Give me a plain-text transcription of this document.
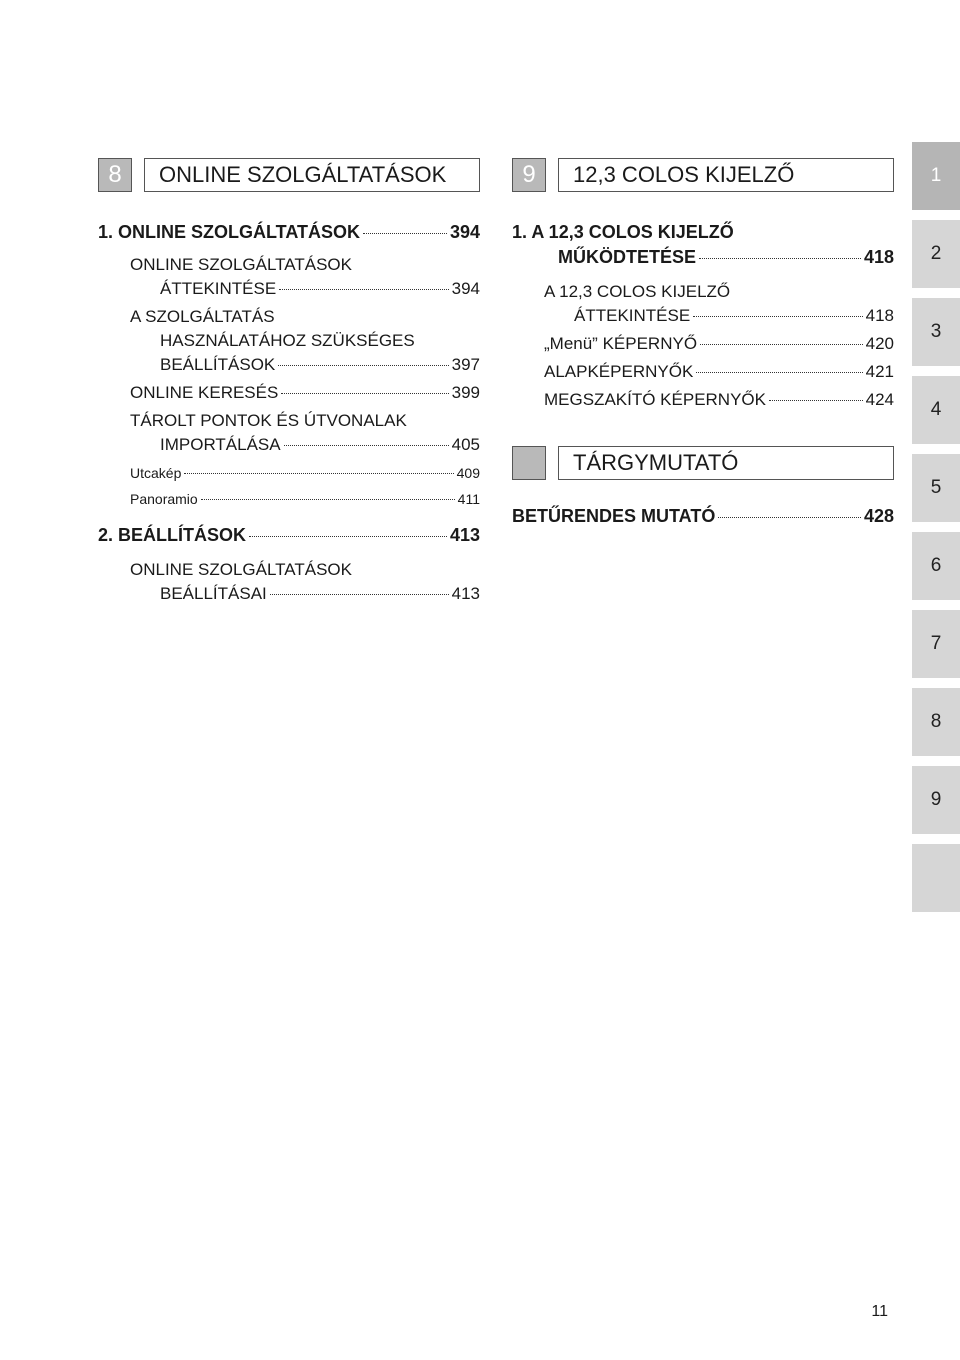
8	ONLINE SZOLGÁLTATÁSOK
1. ONLINE SZOLGÁLTATÁSOK	394
ONLINE SZOLGÁLTATÁSOK
ÁTTEKINTÉSE	394
A SZOLGÁLTATÁS
HASZNÁLATÁHOZ SZÜKSÉGES
BEÁLLÍTÁSOK	397
ONLINE KERESÉS	399
TÁROLT PONTOK ÉS ÚTVONALAK
IMPORTÁLÁSA	405
Utcakép	409
Panoramio	411
2. BEÁLLÍTÁSOK	413
ONLINE SZOLGÁLTATÁSOK
BEÁLLÍTÁSAI	413
9	12,3 COLOS KIJELZŐ
1. A 12,3 COLOS KIJELZŐ
MŰKÖDTETÉSE	418
A 12,3 COLOS KIJELZŐ
ÁTTEKINTÉSE	418
„Menü” KÉPERNYŐ	420
ALAPKÉPERNYŐK	421
MEGSZAKÍTÓ KÉPERNYŐK	424
TÁRGYMUTATÓ
BETŰRENDES MUTATÓ	428
1
2
3
4
5
6
7
8
9
11
